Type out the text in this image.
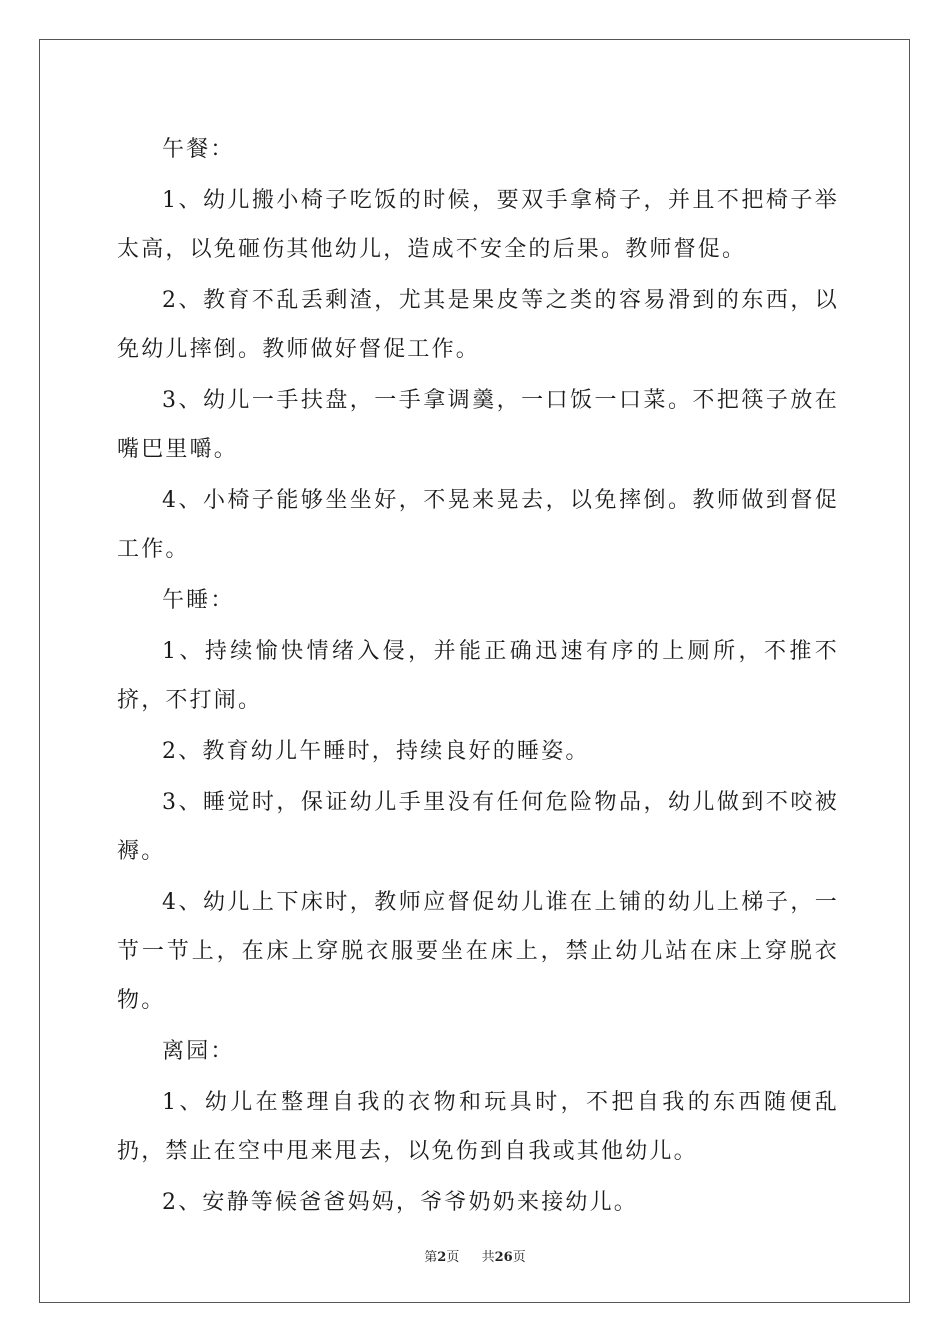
午餐：

1、幼儿搬小椅子吃饭的时候，要双手拿椅子，并且不把椅子举太高，以免砸伤其他幼儿，造成不安全的后果。教师督促。

2、教育不乱丢剩渣，尤其是果皮等之类的容易滑到的东西，以免幼儿摔倒。教师做好督促工作。

3、幼儿一手扶盘，一手拿调羹，一口饭一口菜。不把筷子放在嘴巴里嚼。

4、小椅子能够坐坐好，不晃来晃去，以免摔倒。教师做到督促工作。

午睡：

1、持续愉快情绪入侵，并能正确迅速有序的上厕所，不推不挤，不打闹。

2、教育幼儿午睡时，持续良好的睡姿。

3、睡觉时，保证幼儿手里没有任何危险物品，幼儿做到不咬被褥。

4、幼儿上下床时，教师应督促幼儿谁在上铺的幼儿上梯子，一节一节上，在床上穿脱衣服要坐在床上，禁止幼儿站在床上穿脱衣物。

离园：

1、幼儿在整理自我的衣物和玩具时，不把自我的东西随便乱扔，禁止在空中甩来甩去，以免伤到自我或其他幼儿。

2、安静等候爸爸妈妈，爷爷奶奶来接幼儿。

第2页 共26页
